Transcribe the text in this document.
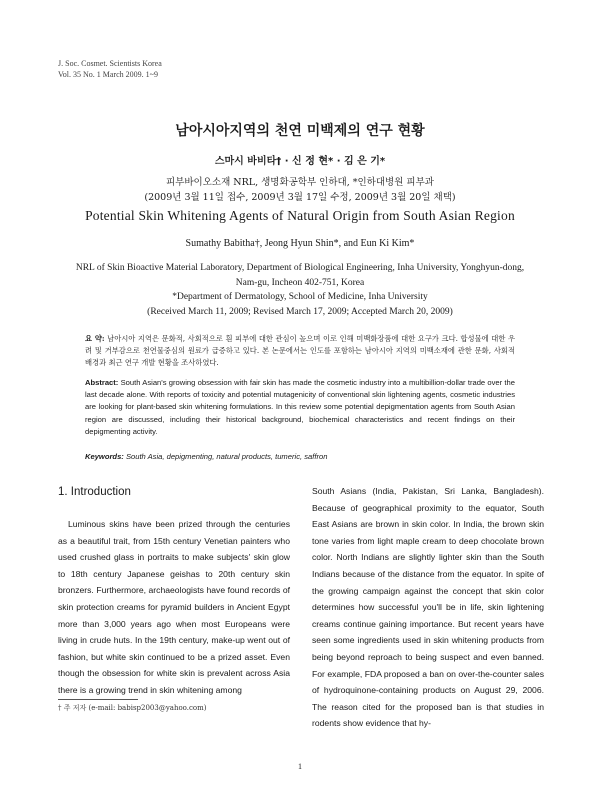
J. Soc. Cosmet. Scientists Korea
Vol. 35 No. 1 March 2009. 1~9
남아시아지역의 천연 미백제의 연구 현황
스마시 바비타† · 신 정 현* · 김 은 기*
피부바이오소재 NRL, 생명화공학부 인하대, *인하대병원 피부과
(2009년 3월 11일 접수, 2009년 3월 17일 수정, 2009년 3월 20일 채택)
Potential Skin Whitening Agents of Natural Origin from South Asian Region
Sumathy Babitha†, Jeong Hyun Shin*, and Eun Ki Kim*
NRL of Skin Bioactive Material Laboratory, Department of Biological Engineering, Inha University, Yonghyun-dong,
Nam-gu, Incheon 402-751, Korea
*Department of Dermatology, School of Medicine, Inha University
(Received March 11, 2009; Revised March 17, 2009; Accepted March 20, 2009)
요 약: 남아시아 지역은 문화적, 사회적으로 흰 피부에 대한 관심이 높으며 이로 인해 미백화장품에 대한 요구가 크다. 합성물에 대한 우려 및 거부감으로 천연물중심의 원료가 급증하고 있다. 본 논문에서는 인도를 포함하는 남아시아 지역의 미백소재에 관한 문화, 사회적 배경과 최근 연구 개발 현황을 조사하였다.
Abstract: South Asian's growing obsession with fair skin has made the cosmetic industry into a multibillion-dollar trade over the last decade alone. With reports of toxicity and potential mutagenicity of conventional skin lightening agents, cosmetic industries are looking for plant-based skin whitening formulations. In this review some potential depigmentation agents from South Asian region are discussed, including their historical background, biochemical characteristics and recent findings on their depigmenting activity.
Keywords: South Asia, depigmenting, natural products, tumeric, saffron
1. Introduction
Luminous skins have been prized through the centuries as a beautiful trait, from 15th century Venetian painters who used crushed glass in portraits to make subjects' skin glow to 18th century Japanese geishas to 20th century skin bronzers. Furthermore, archaeologists have found records of skin protection creams for pyramid builders in Ancient Egypt more than 3,000 years ago when most Europeans were living in crude huts. In the 19th century, make-up went out of fashion, but white skin continued to be a prized asset. Even though the obsession for white skin is prevalent across Asia there is a growing trend in skin whitening among
South Asians (India, Pakistan, Sri Lanka, Bangladesh). Because of geographical proximity to the equator, South East Asians are brown in skin color. In India, the brown skin tone varies from light maple cream to deep chocolate brown color. North Indians are slightly lighter skin than the South Indians because of the distance from the equator. In spite of the growing campaign against the concept that skin color determines how successful you'll be in life, skin lightening creams continue gaining importance. But recent years have seen some ingredients used in skin whitening products from being beyond reproach to being suspect and even banned. For example, FDA proposed a ban on over-the-counter sales of hydroquinone-containing products on August 29, 2006. The reason cited for the proposed ban is that studies in rodents show evidence that hy-
† 주 저자 (e-mail: babisp2003@yahoo.com)
1
